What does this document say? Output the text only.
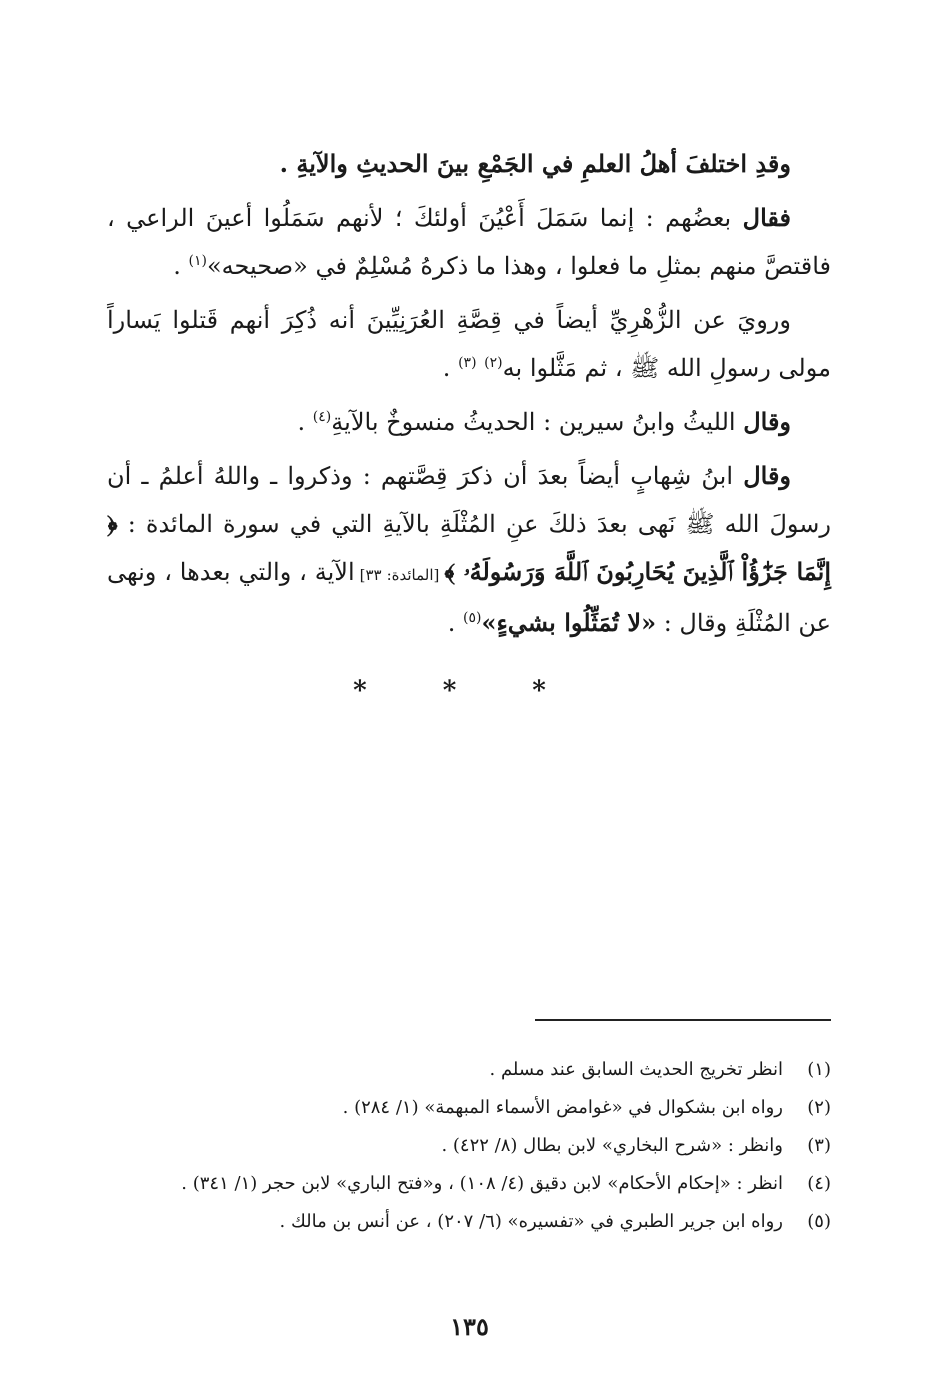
وقدِ اختلفَ أهلُ العلمِ في الجَمْعِ بينَ الحديثِ والآيةِ .

فقال بعضُهم : إنما سَمَلَ أَعْيُنَ أولئكَ ؛ لأنهم سَمَلُوا أعينَ الراعي ، فاقتصَّ منهم بمثلِ ما فعلوا ، وهذا ما ذكرهُ مُسْلِمٌ في «صحيحه»$^{(١)}$ .

ورويَ عن الزُّهْرِيِّ أيضاً في قِصَّةِ العُرَنِيِّينَ أنه ذُكِرَ أنهم قَتلوا يَساراً مولى رسولِ الله ﷺ ، ثم مَثَّلوا به$^{(٢)}$ $^{(٣)}$ .

وقال الليثُ وابنُ سيرين : الحديثُ منسوخٌ بالآيةِ$^{(٤)}$ .

وقال ابنُ شِهابٍ أيضاً بعدَ أن ذكرَ قِصَّتهم : وذكروا ـ واللهُ أعلمُ ـ أن رسولَ الله ﷺ نَهى بعدَ ذلكَ عنِ المُثْلَةِ بالآيةِ التي في سورة المائدة : ﴿ إِنَّمَا جَزَٰٓؤُاْ ٱلَّذِينَ يُحَارِبُونَ ٱللَّهَ وَرَسُولَهُۥ ﴾ [المائدة: ٣٣] الآية ، والتي بعدها ، ونهى عن المُثْلَةِ وقال : «لا تُمَثِّلُوا بشيءٍ»$^{(٥)}$ .

* * *
(١)
انظر تخريج الحديث السابق عند مسلم .
(٢)
رواه ابن بشكوال في «غوامض الأسماء المبهمة» (١/ ٢٨٤) .
(٣)
وانظر : «شرح البخاري» لابن بطال (٨/ ٤٢٢) .
(٤)
انظر : «إحكام الأحكام» لابن دقيق (٤/ ١٠٨) ، و«فتح الباري» لابن حجر (١/ ٣٤١) .
(٥)
رواه ابن جرير الطبري في «تفسيره» (٦/ ٢٠٧) ، عن أنس بن مالك .
١٣٥
